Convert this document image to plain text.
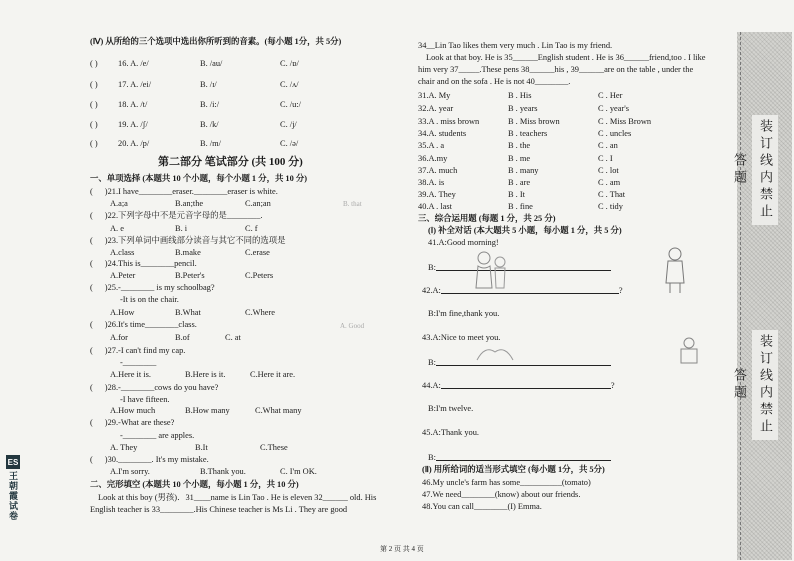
(Ⅳ) 从所给的三个选项中选出你所听到的音素。(每小题 1分，共 5分)
( ) 16. A. /e/	B. /au/	C. /ɒ/
( ) 17. A. /ei/	B. /ɪ/	C. /ʌ/
( ) 18. A. /t/	B. /i:/	C. /u:/
( ) 19. A. /ʃ/	B. /k/	C. /j/
( ) 20. A. /p/	B. /m/	C. /ə/
第二部分 笔试部分 (共 100 分)
一、单项选择 (本题共 10 个小题，每个小题 1 分，共 10 分)
( )21.I have________eraser.________eraser is white.
A.a;a	B.an;the	C.an;an
( )22.下列字母中不是元音字母的是________.
A. e	B. i	C. f
( )23.下列单词中画线部分读音与其它不同的选项是
A.class	B.make	C.erase
( )24.This is________pencil.
A.Peter	B.Peter's	C.Peters
( )25.-________ is my schoolbag?
-It is on the chair.
A.How	B.What	C.Where
( )26.It's time________class.
A.for	B.of	C. at
( )27.-I can't find my cap.
-________
A.Here it is.	B.Here is it.	C.Here it are.
( )28.-________cows do you have?
-I have fifteen.
A.How much	B.How many	C.What many
( )29.-What are these?
-________ are apples.
A. They	B.It	C.These
( )30.________. It's my mistake.
A.I'm sorry.	B.Thank you.	C. I'm OK.
二、完形填空 (本题共 10 个小题，每小题 1 分，共 10 分)
Look at this boy (男孩)．31____name is Lin Tao . He is eleven 32______ old. His
English teacher is 33________.His Chinese teacher is Ms Li . They are good
A. Good
B. that
34__Lin Tao likes them very much . Lin Tao is my friend.
Look at that boy. He is 35______English student . He is 36______friend,too . I like
him very 37_____.These pens 38______his , 39______are on the table , under the
chair and on the sofa . He is not 40________.
31.A. My	B . His	C . Her
32.A. year	B . years	C . year's
33.A . miss brown	B . Miss brown	C . Miss Brown
34.A. students	B . teachers	C . uncles
35.A . a	B . the	C . an
36.A.my	B . me	C . I
37.A. much	B . many	C . lot
38.A. is	B . are	C . am
39.A. They	B . It	C . That
40.A . last	B . fine	C . tidy
三、综合运用题 (每题 1 分，共 25 分)
(Ⅰ) 补全对话 (本大题共 5 小题，每小题 1 分，共 5 分)
41.A:Good morning!
B:
42.A:	?
B:I'm fine,thank you.
43.A:Nice to meet you.
B:
44.A:	?
B:I'm twelve.
45.A:Thank you.
B:
(Ⅱ) 用所给词的适当形式填空 (每小题 1分，共 5分)
46.My uncle's farm has some__________(tomato)
47.We need________(know) about our friends.
48.You can call________(I) Emma.
装订线内禁止答题
装订线内禁止答题
ES
王朝霞试卷
第 2 页 共 4 页
